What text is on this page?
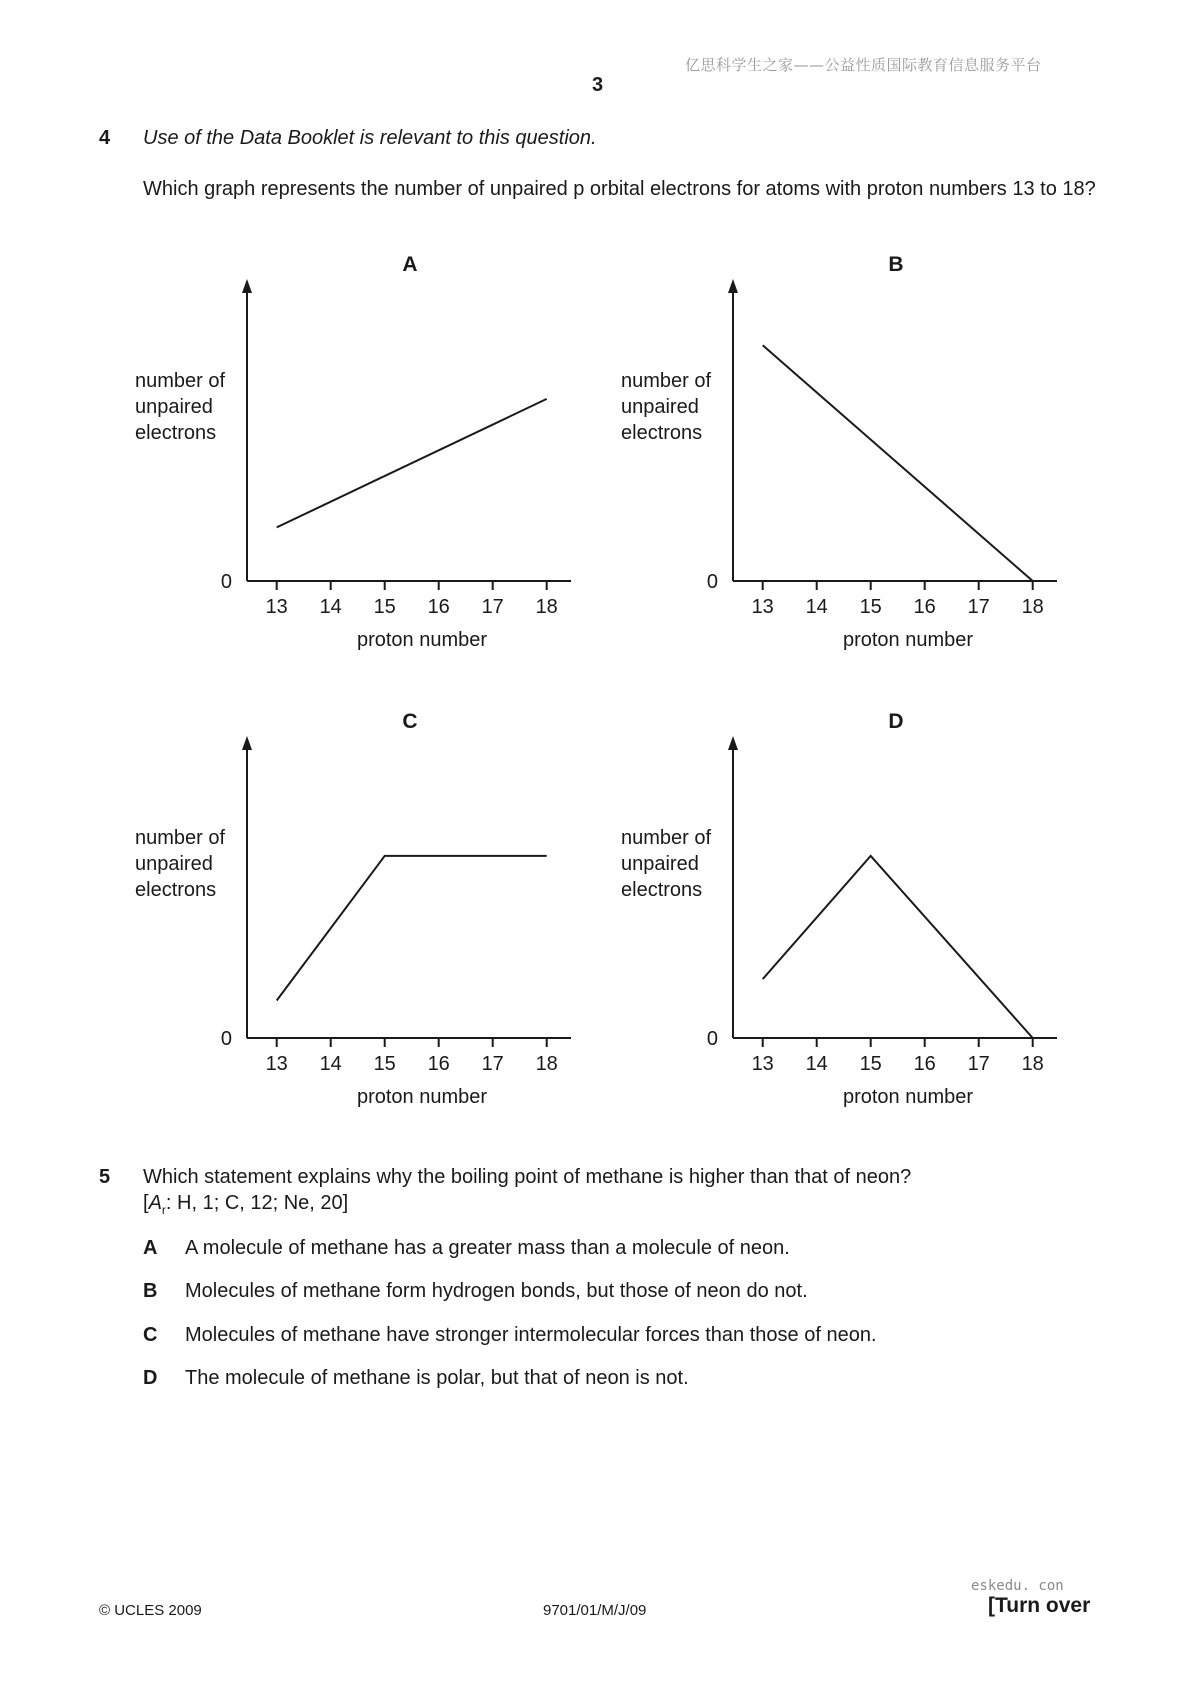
亿思科学生之家——公益性质国际教育信息服务平台
3
4 Use of the Data Booklet is relevant to this question.
Which graph represents the number of unpaired p orbital electrons for atoms with proton numbers 13 to 18?
A
0
number of
unpaired
electrons
13 14 15 16 17 18
proton number
B
0
number of
unpaired
electrons
13 14 15 16 17 18
proton number
C
0
number of
unpaired
electrons
13 14 15 16 17 18
proton number
D
0
number of
unpaired
electrons
13 14 15 16 17 18
proton number
5 Which statement explains why the boiling point of methane is higher than that of neon?
[$A_r$: H, 1; C, 12; Ne, 20]
A A molecule of methane has a greater mass than a molecule of neon.
B Molecules of methane form hydrogen bonds, but those of neon do not.
C Molecules of methane have stronger intermolecular forces than those of neon.
D The molecule of methane is polar, but that of neon is not.
eskedu. con
© UCLES 2009	9701/01/M/J/09	[Turn over
